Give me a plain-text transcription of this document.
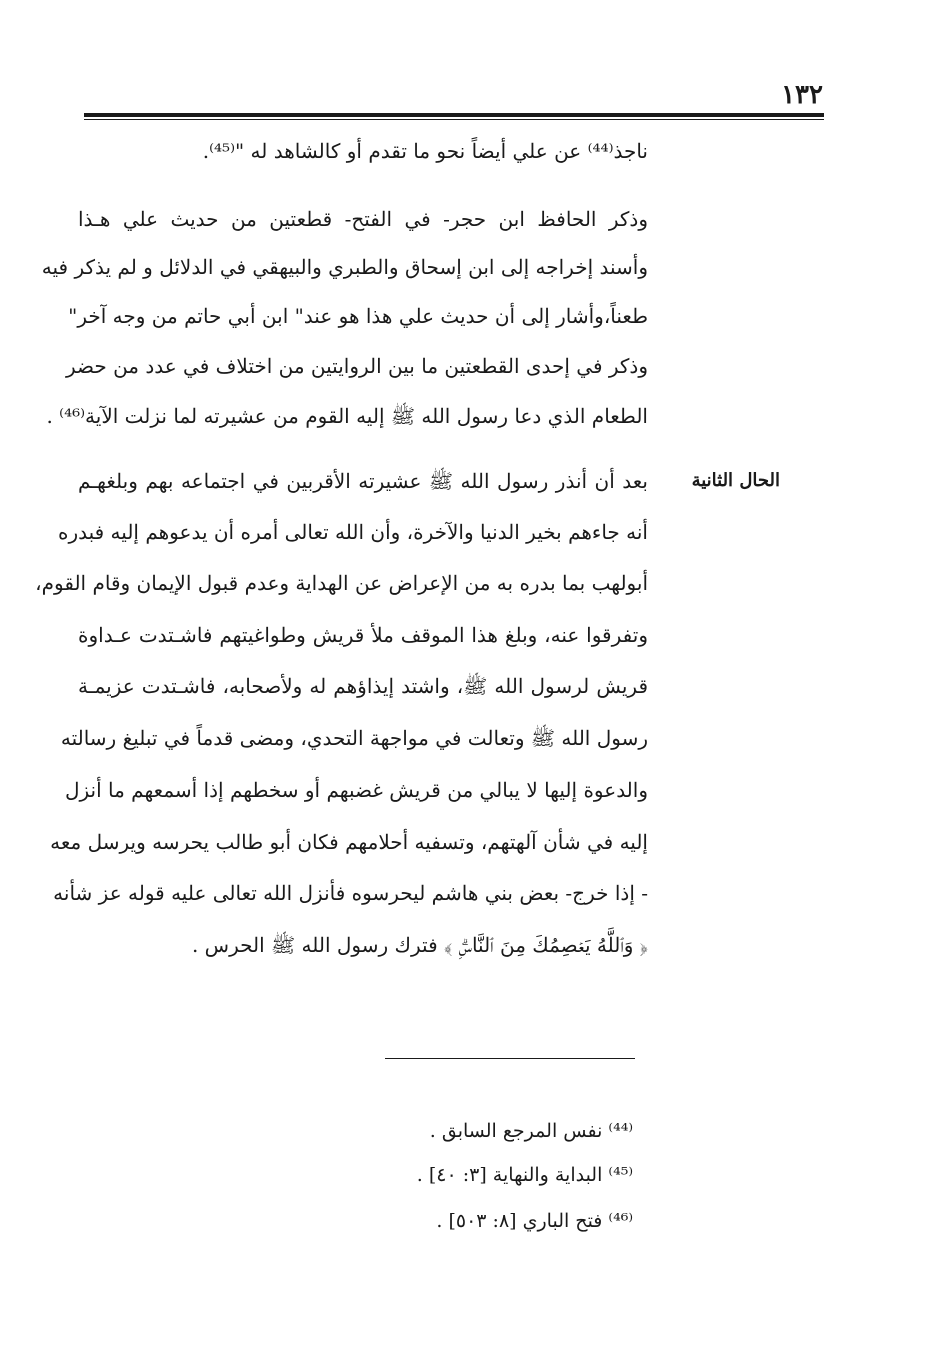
١٣٢
ناجذ⁽⁴⁴⁾ عن علي أيضاً نحو ما تقدم أو كالشاهد له "⁽⁴⁵⁾.
وذكر الحافظ ابن حجر- في الفتح- قطعتين من حديث علي هـذا
وأسند إخراجه إلى ابن إسحاق والطبري والبيهقي في الدلائل و لم يذكر فيه
طعناً،وأشار إلى أن حديث علي هذا هو عند" ابن أبي حاتم من وجه آخر"
وذكر في إحدى القطعتين ما بين الروايتين من اختلاف في عدد من حضر
الطعام الذي دعا رسول الله ﷺ إليه القوم من عشيرته لما نزلت الآية⁽⁴⁶⁾ .
الحال الثانية
بعد أن أنذر رسول الله ﷺ عشيرته الأقربين في اجتماعه بهم وبلغهـم
أنه جاءهم بخير الدنيا والآخرة، وأن الله تعالى أمره أن يدعوهم إليه فبدره
أبولهب بما بدره به من الإعراض عن الهداية وعدم قبول الإيمان وقام القوم،
وتفرقوا عنه، وبلغ هذا الموقف ملأ قريش وطواغيتهم فاشـتدت عـداوة
قريش لرسول الله ﷺ، واشتد إيذاؤهم له ولأصحابه، فاشـتدت عزيمـة
رسول الله ﷺ وتعالت في مواجهة التحدي، ومضى قدماً في تبليغ رسالته
والدعوة إليها لا يبالي من قريش غضبهم أو سخطهم إذا أسمعهم ما أنزل
إليه في شأن آلهتهم، وتسفيه أحلامهم فكان أبو طالب يحرسه ويرسل معه
- إذا خرج- بعض بني هاشم ليحرسوه فأنزل الله تعالى عليه قوله عز شأنه
﴿ وَٱللَّهُ يَعۡصِمُكَ مِنَ ٱلنَّاسِۗ ﴾ فترك رسول الله ﷺ الحرس .
⁽⁴⁴⁾ نفس المرجع السابق .
⁽⁴⁵⁾ البداية والنهاية [٣: ٤٠] .
⁽⁴⁶⁾ فتح الباري [٨: ٥٠٣] .
